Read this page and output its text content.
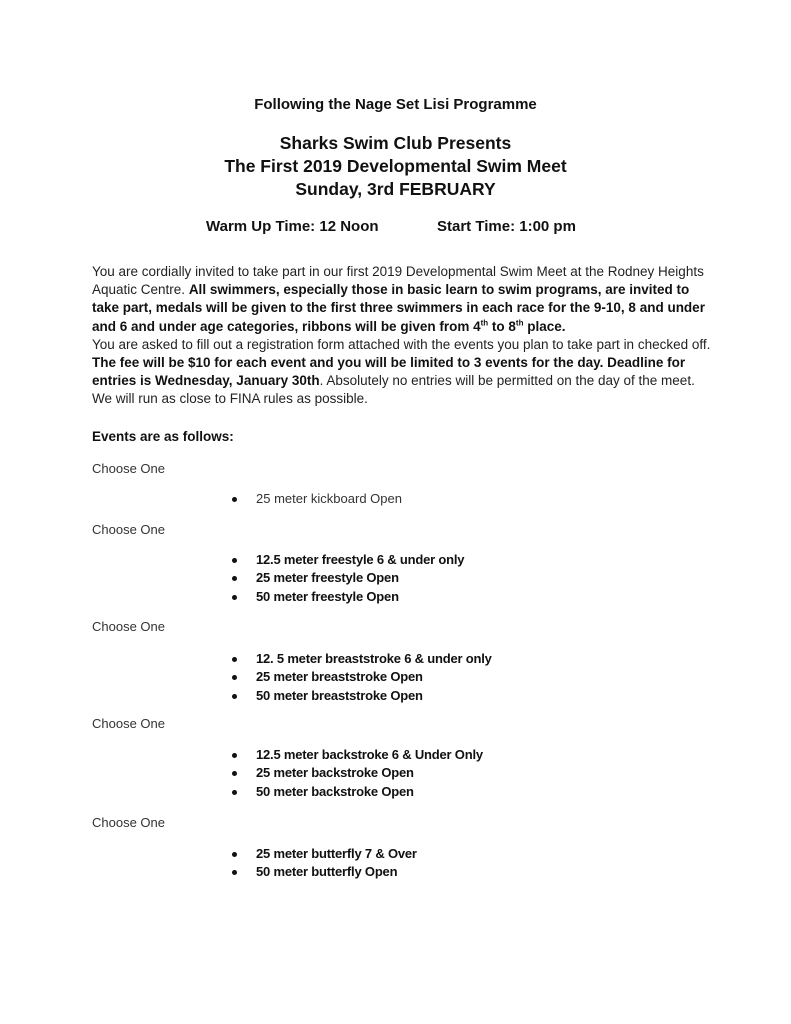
Following the Nage Set Lisi Programme
Sharks Swim Club Presents
The First 2019 Developmental Swim Meet
Sunday, 3rd FEBRUARY
Warm Up Time: 12 Noon	Start Time: 1:00 pm
You are cordially invited to take part in our first 2019 Developmental Swim Meet at the Rodney Heights Aquatic Centre. All swimmers, especially those in basic learn to swim programs, are invited to take part, medals will be given to the first three swimmers in each race for the 9-10, 8 and under and 6 and under age categories, ribbons will be given from 4th to 8th place.
You are asked to fill out a registration form attached with the events you plan to take part in checked off. The fee will be $10 for each event and you will be limited to 3 events for the day. Deadline for entries is Wednesday, January 30th. Absolutely no entries will be permitted on the day of the meet. We will run as close to FINA rules as possible.
Events are as follows:
Choose One
25 meter kickboard Open
Choose One
12.5 meter freestyle 6 & under only
25 meter freestyle Open
50 meter freestyle Open
Choose One
12. 5 meter breaststroke 6 & under only
25 meter breaststroke Open
50 meter breaststroke Open
Choose One
12.5 meter backstroke 6 & Under Only
25 meter backstroke Open
50 meter backstroke Open
Choose One
25 meter butterfly 7 & Over
50 meter butterfly Open
